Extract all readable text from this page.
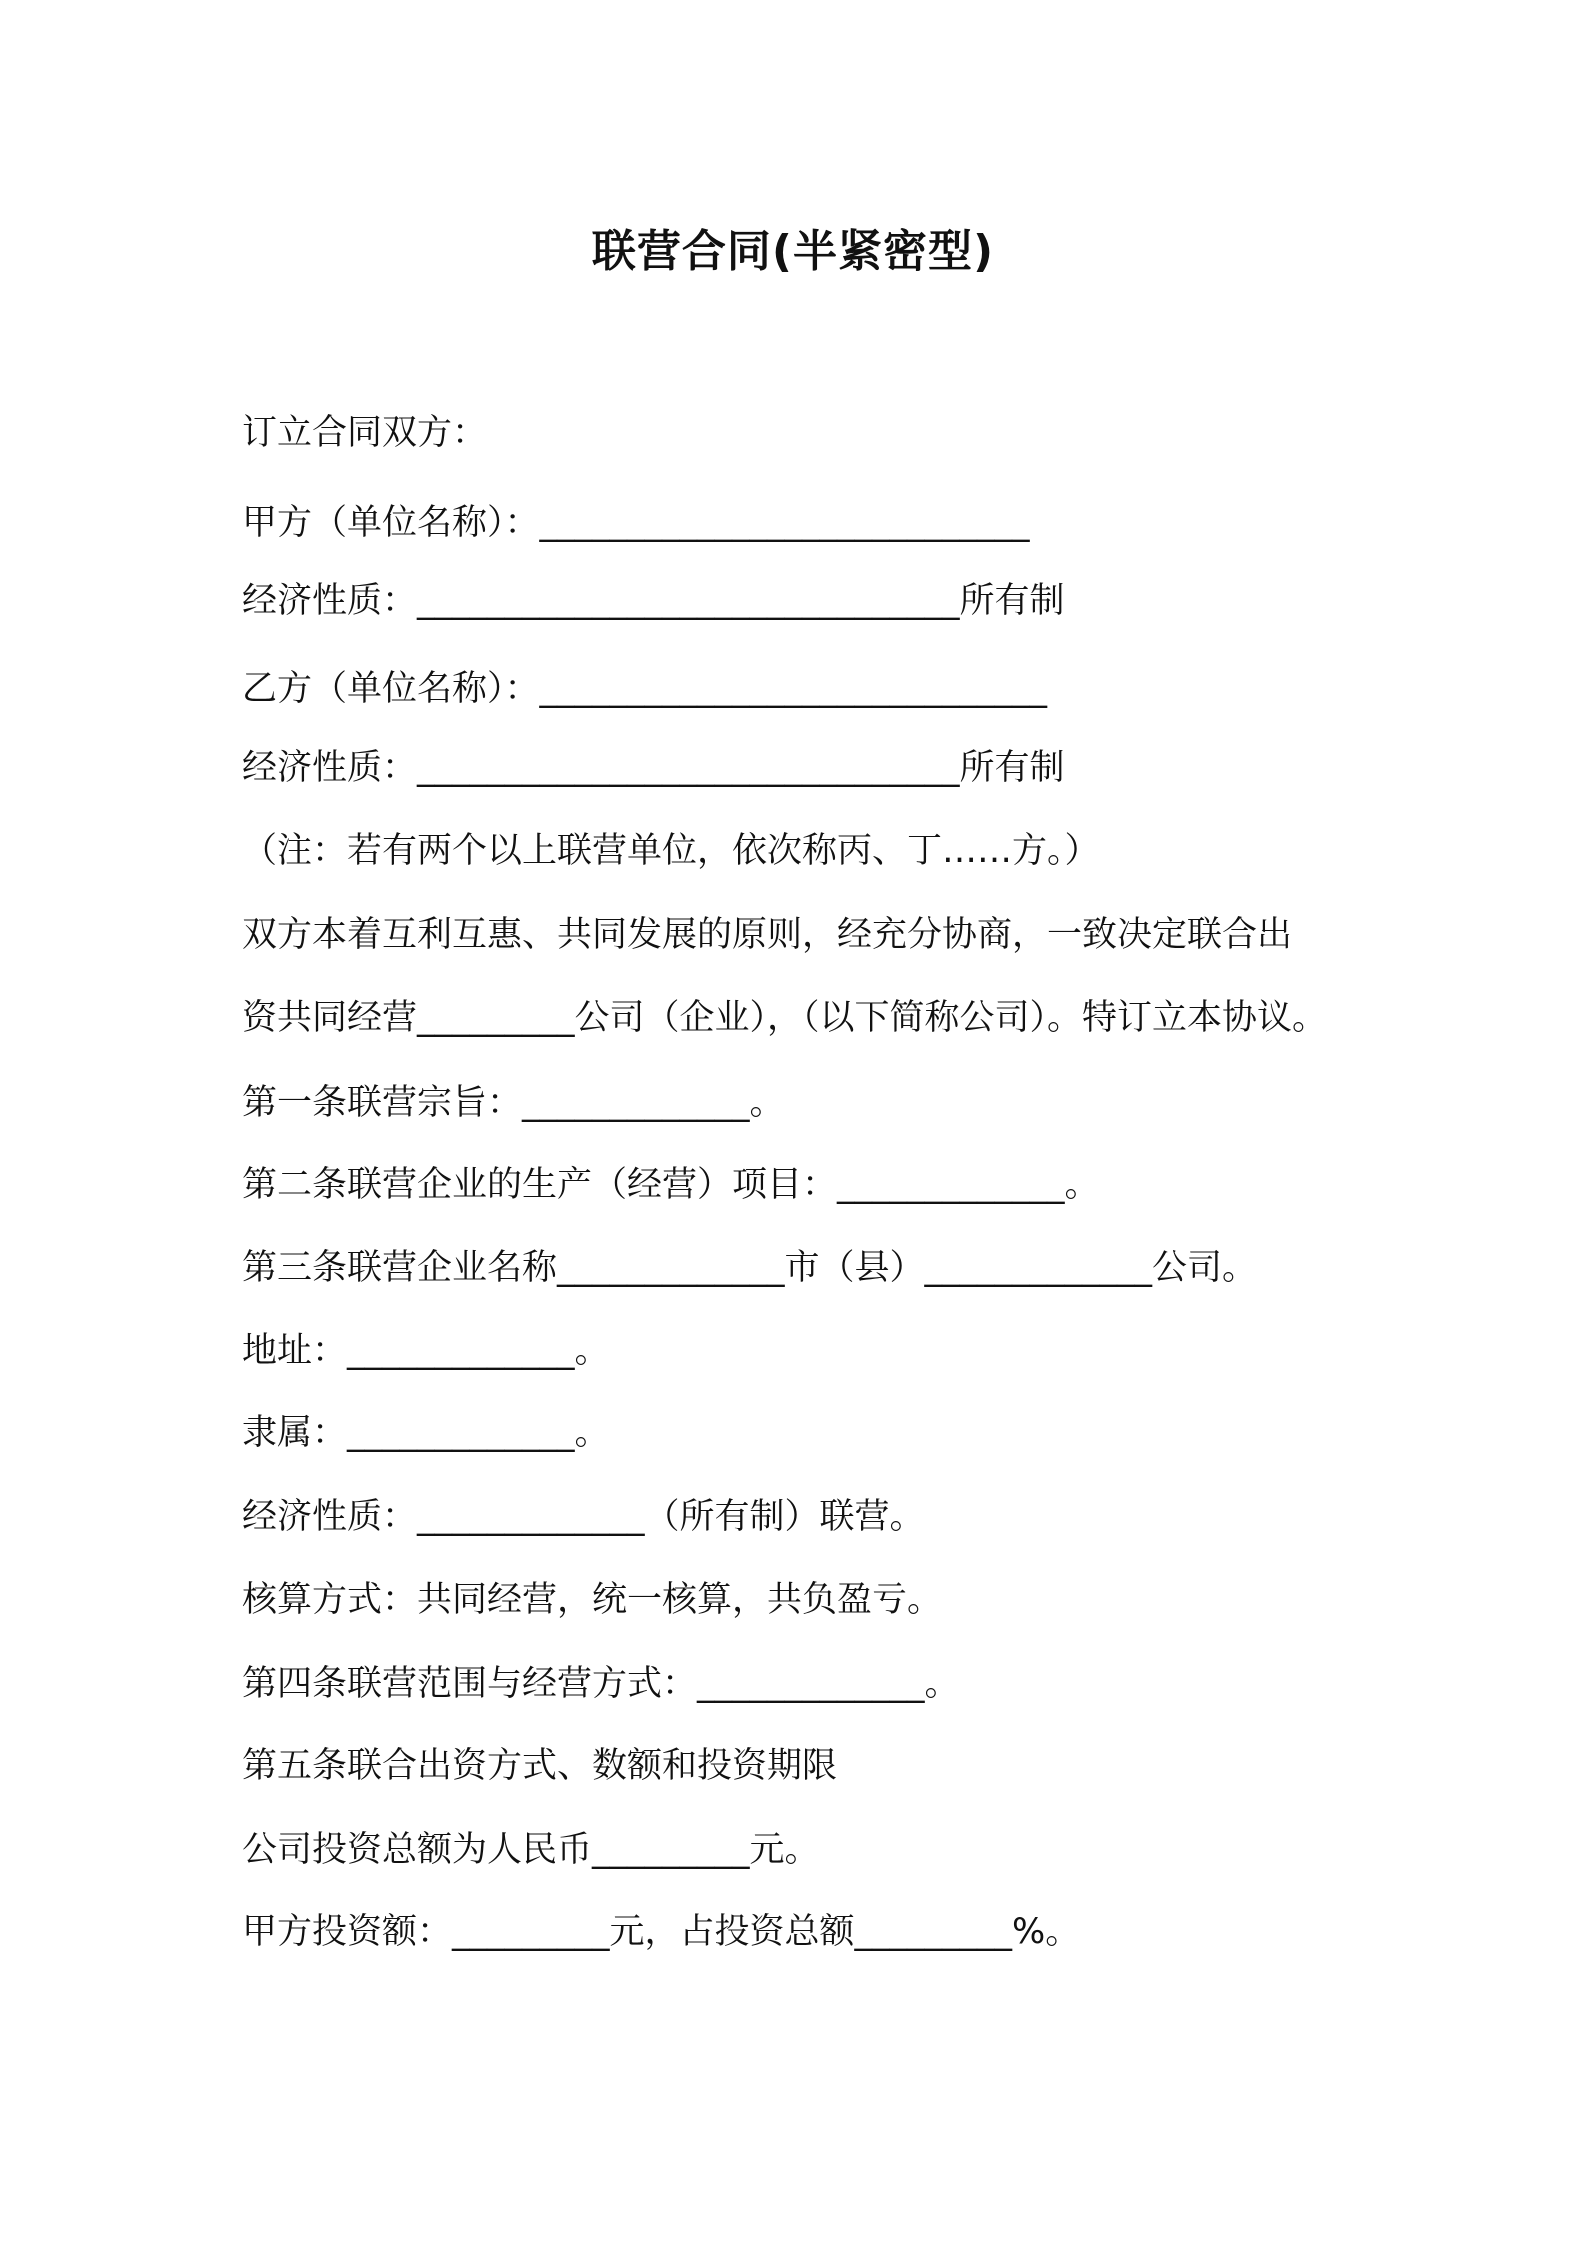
联营合同(半紧密型)

订立合同双方：

甲方（单位名称）：____________________________

经济性质：_______________________________所有制

乙方（单位名称）：_____________________________

经济性质：_______________________________所有制

（注：若有两个以上联营单位，依次称丙、丁……方。）

双方本着互利互惠、共同发展的原则，经充分协商，一致决定联合出

资共同经营_________公司（企业），（以下简称公司）。特订立本协议。

第一条联营宗旨：_____________。

第二条联营企业的生产（经营）项目：_____________。

第三条联营企业名称_____________市（县）_____________公司。

地址：_____________。

隶属：_____________。

经济性质：_____________（所有制）联营。

核算方式：共同经营，统一核算，共负盈亏。

第四条联营范围与经营方式：_____________。

第五条联合出资方式、数额和投资期限

公司投资总额为人民币_________元。

甲方投资额：_________元，占投资总额_________%。
